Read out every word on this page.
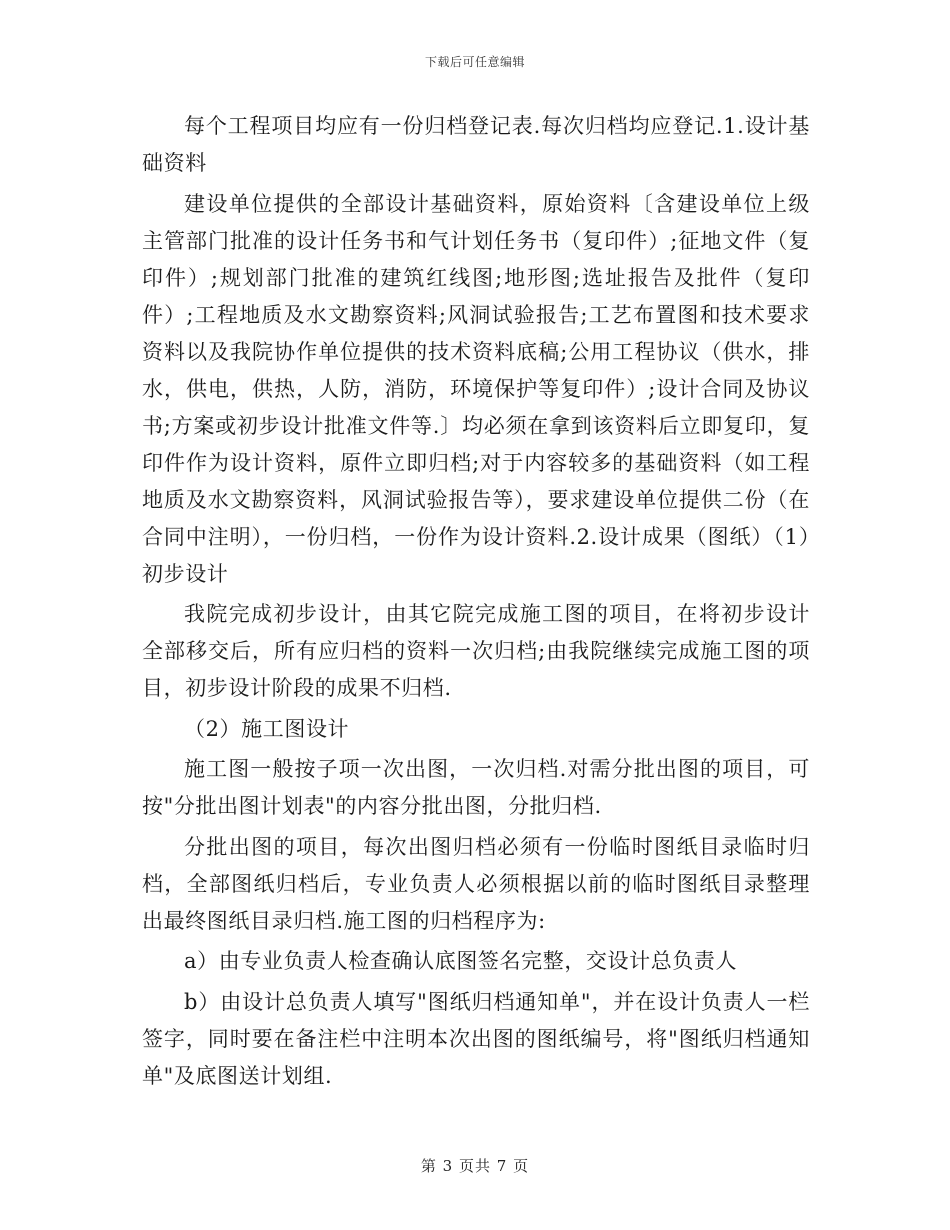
下载后可任意编辑

每个工程项目均应有一份归档登记表.每次归档均应登记.1.设计基础资料

建设单位提供的全部设计基础资料，原始资料〔含建设单位上级主管部门批准的设计任务书和气计划任务书（复印件）;征地文件（复印件）;规划部门批准的建筑红线图;地形图;选址报告及批件（复印件）;工程地质及水文勘察资料;风洞试验报告;工艺布置图和技术要求资料以及我院协作单位提供的技术资料底稿;公用工程协议（供水，排水，供电，供热，人防，消防，环境保护等复印件）;设计合同及协议书;方案或初步设计批准文件等.〕均必须在拿到该资料后立即复印，复印件作为设计资料，原件立即归档;对于内容较多的基础资料（如工程地质及水文勘察资料，风洞试验报告等），要求建设单位提供二份（在合同中注明），一份归档，一份作为设计资料.2.设计成果（图纸）（1）初步设计

我院完成初步设计，由其它院完成施工图的项目，在将初步设计全部移交后，所有应归档的资料一次归档;由我院继续完成施工图的项目，初步设计阶段的成果不归档.

（2）施工图设计

施工图一般按子项一次出图，一次归档.对需分批出图的项目，可按"分批出图计划表"的内容分批出图，分批归档.

分批出图的项目，每次出图归档必须有一份临时图纸目录临时归档，全部图纸归档后，专业负责人必须根据以前的临时图纸目录整理出最终图纸目录归档.施工图的归档程序为:

a）由专业负责人检查确认底图签名完整，交设计总负责人

b）由设计总负责人填写"图纸归档通知单"，并在设计负责人一栏签字，同时要在备注栏中注明本次出图的图纸编号，将"图纸归档通知单"及底图送计划组.

第 3 页共 7 页
